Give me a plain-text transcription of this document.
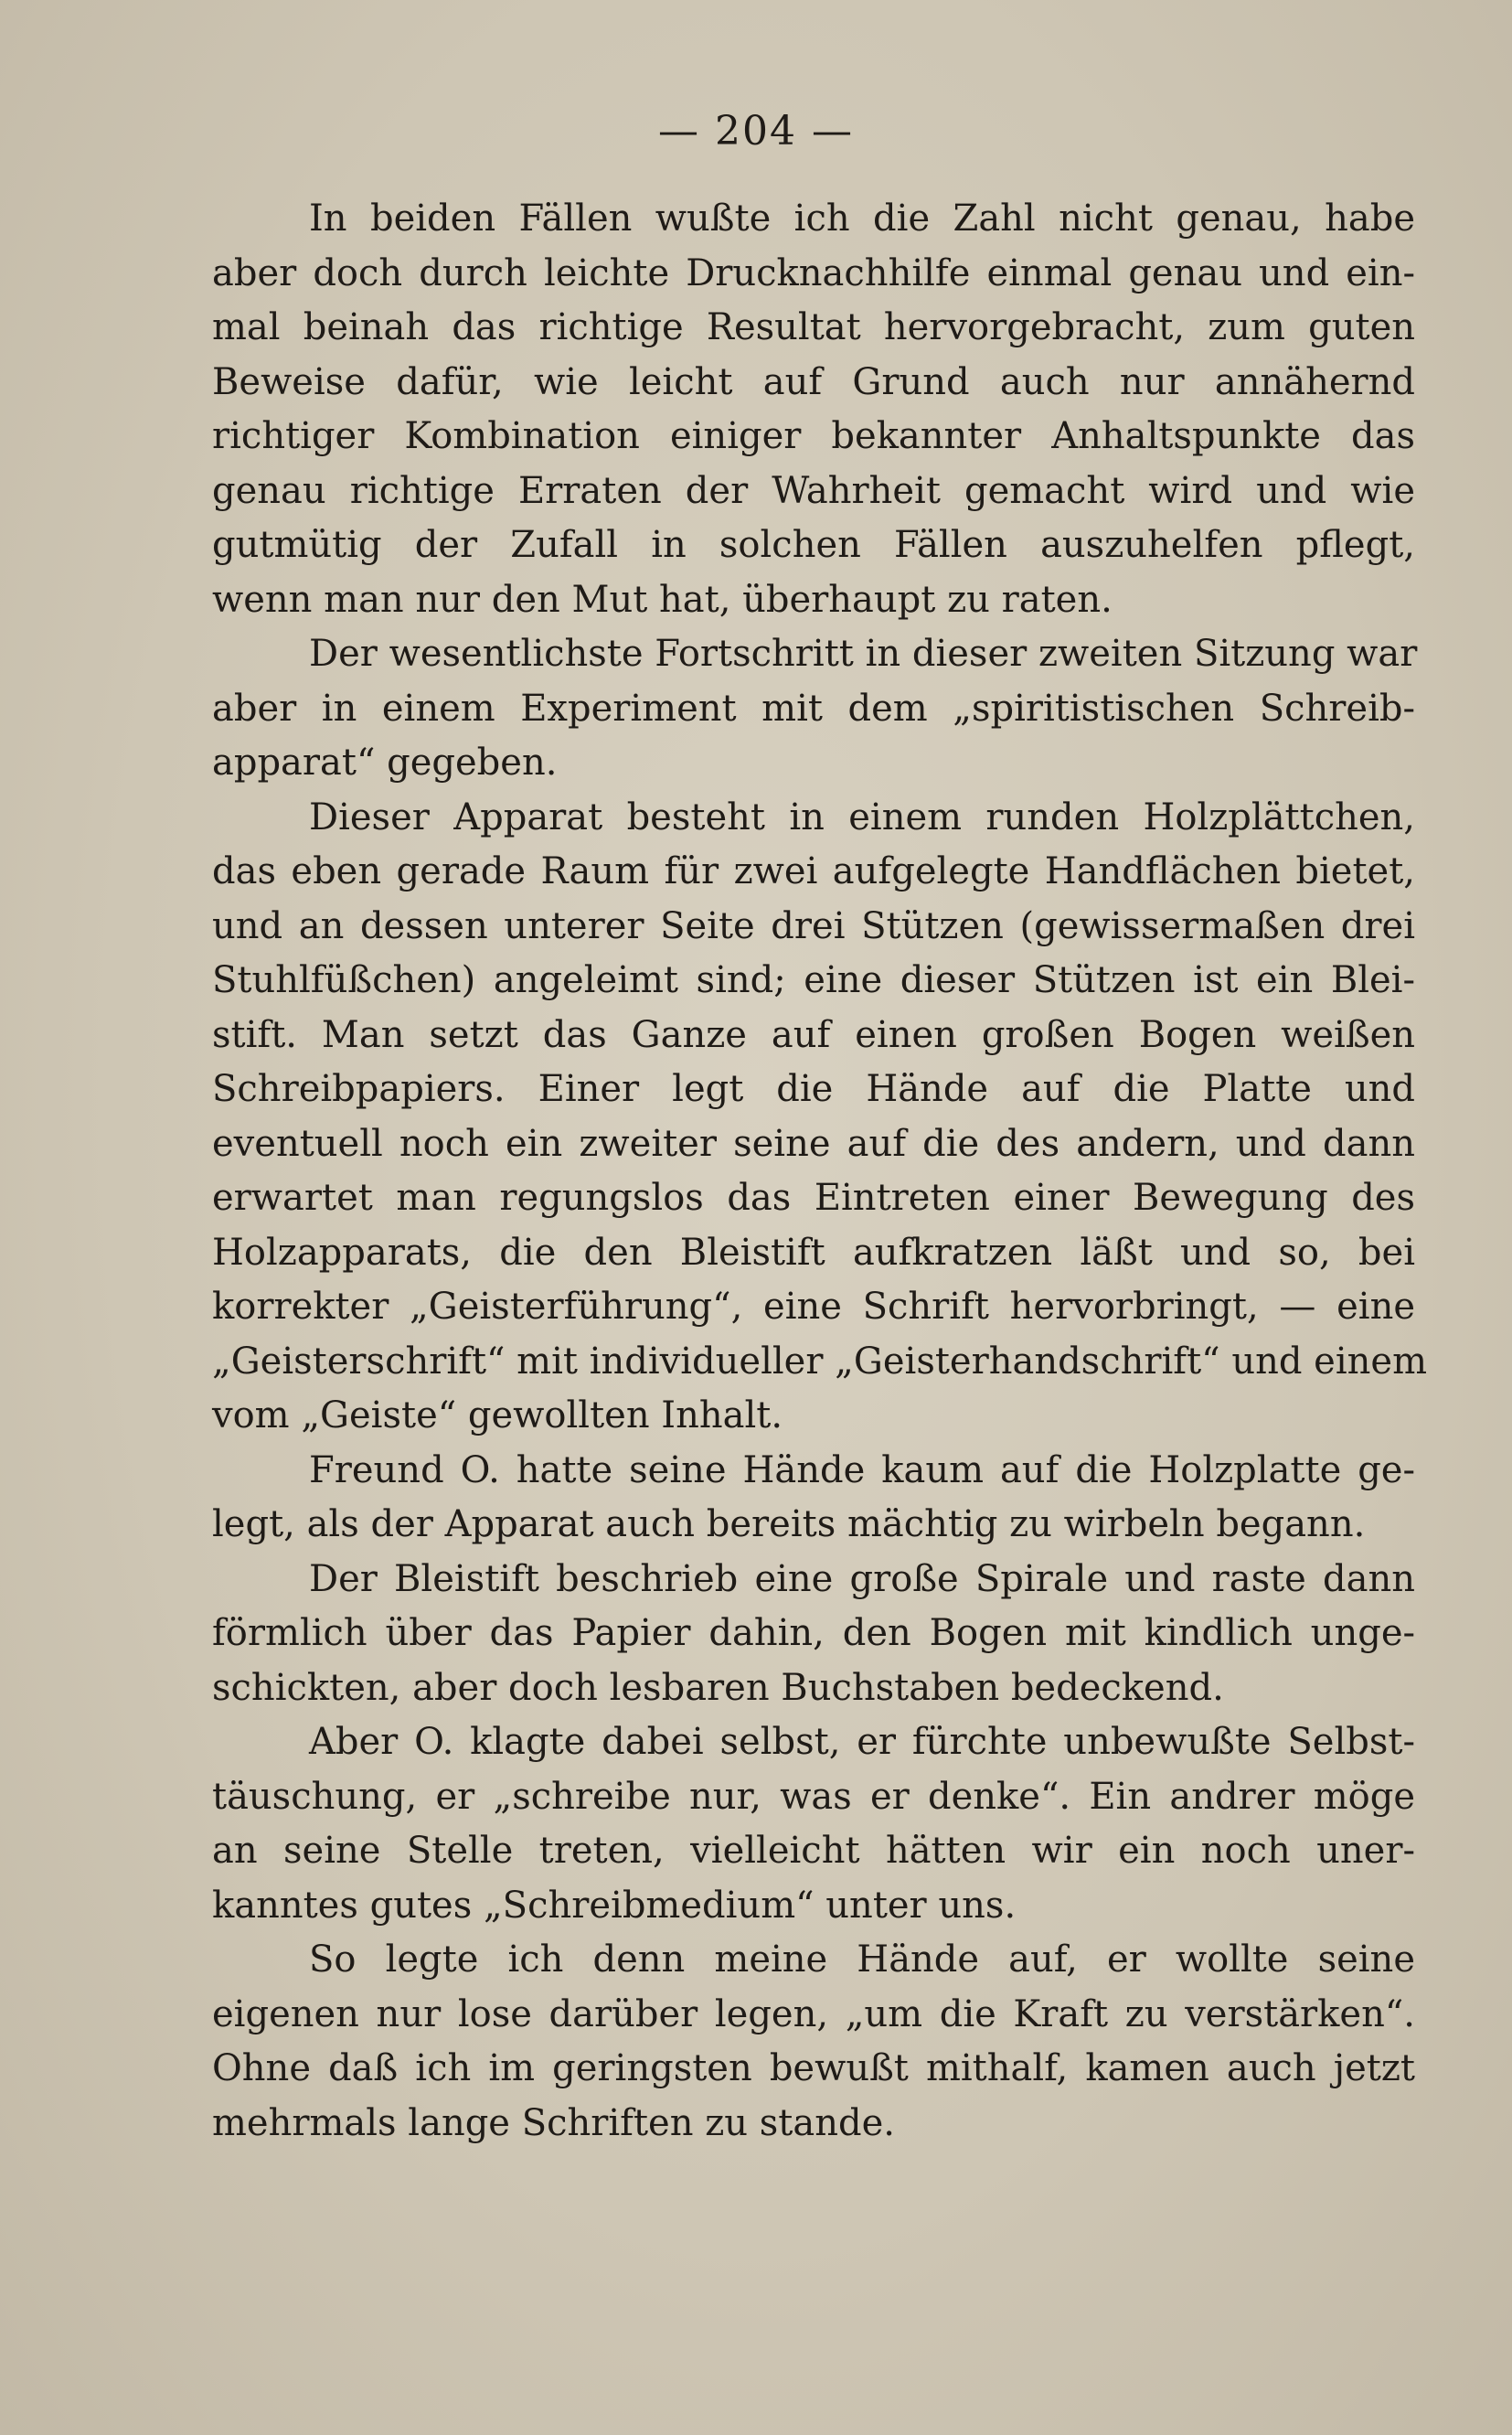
— 204 —
In beiden Fällen wußte ich die Zahl nicht genau, habe
aber doch durch leichte Drucknachhilfe einmal genau und ein-
mal beinah das richtige Resultat hervorgebracht, zum guten
Beweise dafür, wie leicht auf Grund auch nur annähernd
richtiger Kombination einiger bekannter Anhaltspunkte das
genau richtige Erraten der Wahrheit gemacht wird und wie
gutmütig der Zufall in solchen Fällen auszuhelfen pflegt,
wenn man nur den Mut hat, überhaupt zu raten.
Der wesentlichste Fortschritt in dieser zweiten Sitzung war
aber in einem Experiment mit dem „spiritistischen Schreib-
apparat“ gegeben.
Dieser Apparat besteht in einem runden Holzplättchen,
das eben gerade Raum für zwei aufgelegte Handflächen bietet,
und an dessen unterer Seite drei Stützen (gewissermaßen drei
Stuhlfüßchen) angeleimt sind; eine dieser Stützen ist ein Blei-
stift. Man setzt das Ganze auf einen großen Bogen weißen
Schreibpapiers. Einer legt die Hände auf die Platte und
eventuell noch ein zweiter seine auf die des andern, und dann
erwartet man regungslos das Eintreten einer Bewegung des
Holzapparats, die den Bleistift aufkratzen läßt und so, bei
korrekter „Geisterführung“, eine Schrift hervorbringt, — eine
„Geisterschrift“ mit individueller „Geisterhandschrift“ und einem
vom „Geiste“ gewollten Inhalt.
Freund O. hatte seine Hände kaum auf die Holzplatte ge-
legt, als der Apparat auch bereits mächtig zu wirbeln begann.
Der Bleistift beschrieb eine große Spirale und raste dann
förmlich über das Papier dahin, den Bogen mit kindlich unge-
schickten, aber doch lesbaren Buchstaben bedeckend.
Aber O. klagte dabei selbst, er fürchte unbewußte Selbst-
täuschung, er „schreibe nur, was er denke“. Ein andrer möge
an seine Stelle treten, vielleicht hätten wir ein noch uner-
kanntes gutes „Schreibmedium“ unter uns.
So legte ich denn meine Hände auf, er wollte seine
eigenen nur lose darüber legen, „um die Kraft zu verstärken“.
Ohne daß ich im geringsten bewußt mithalf, kamen auch jetzt
mehrmals lange Schriften zu stande.
